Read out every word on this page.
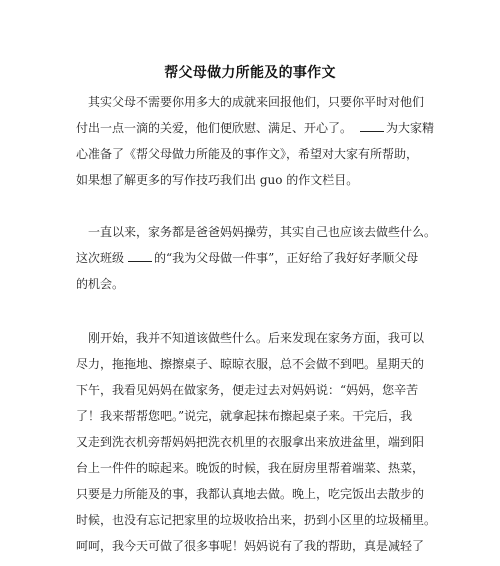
帮父母做力所能及的事作文
其实父母不需要你用多大的成就来回报他们，只要你平时对他们
付出一点一滴的关爱，他们便欣慰、满足、开心了。	为大家精
心准备了《帮父母做力所能及的事作文》，希望对大家有所帮助，
如果想了解更多的写作技巧我们出 guo 的作文栏目。
一直以来，家务都是爸爸妈妈操劳，其实自己也应该去做些什么。
这次班级	的“我为父母做一件事”，正好给了我好好孝顺父母
的机会。
刚开始，我并不知道该做些什么。后来发现在家务方面，我可以
尽力，拖拖地、擦擦桌子、晾晾衣服，总不会做不到吧。星期天的
下午，我看见妈妈在做家务，便走过去对妈妈说：“妈妈，您辛苦
了！我来帮帮您吧。”说完，就拿起抹布擦起桌子来。干完后，我
又走到洗衣机旁帮妈妈把洗衣机里的衣服拿出来放进盆里，端到阳
台上一件件的晾起来。晚饭的时候，我在厨房里帮着端菜、热菜，
只要是力所能及的事，我都认真地去做。晚上，吃完饭出去散步的
时候，也没有忘记把家里的垃圾收拾出来，扔到小区里的垃圾桶里。
呵呵，我今天可做了很多事呢！妈妈说有了我的帮助，真是减轻了
